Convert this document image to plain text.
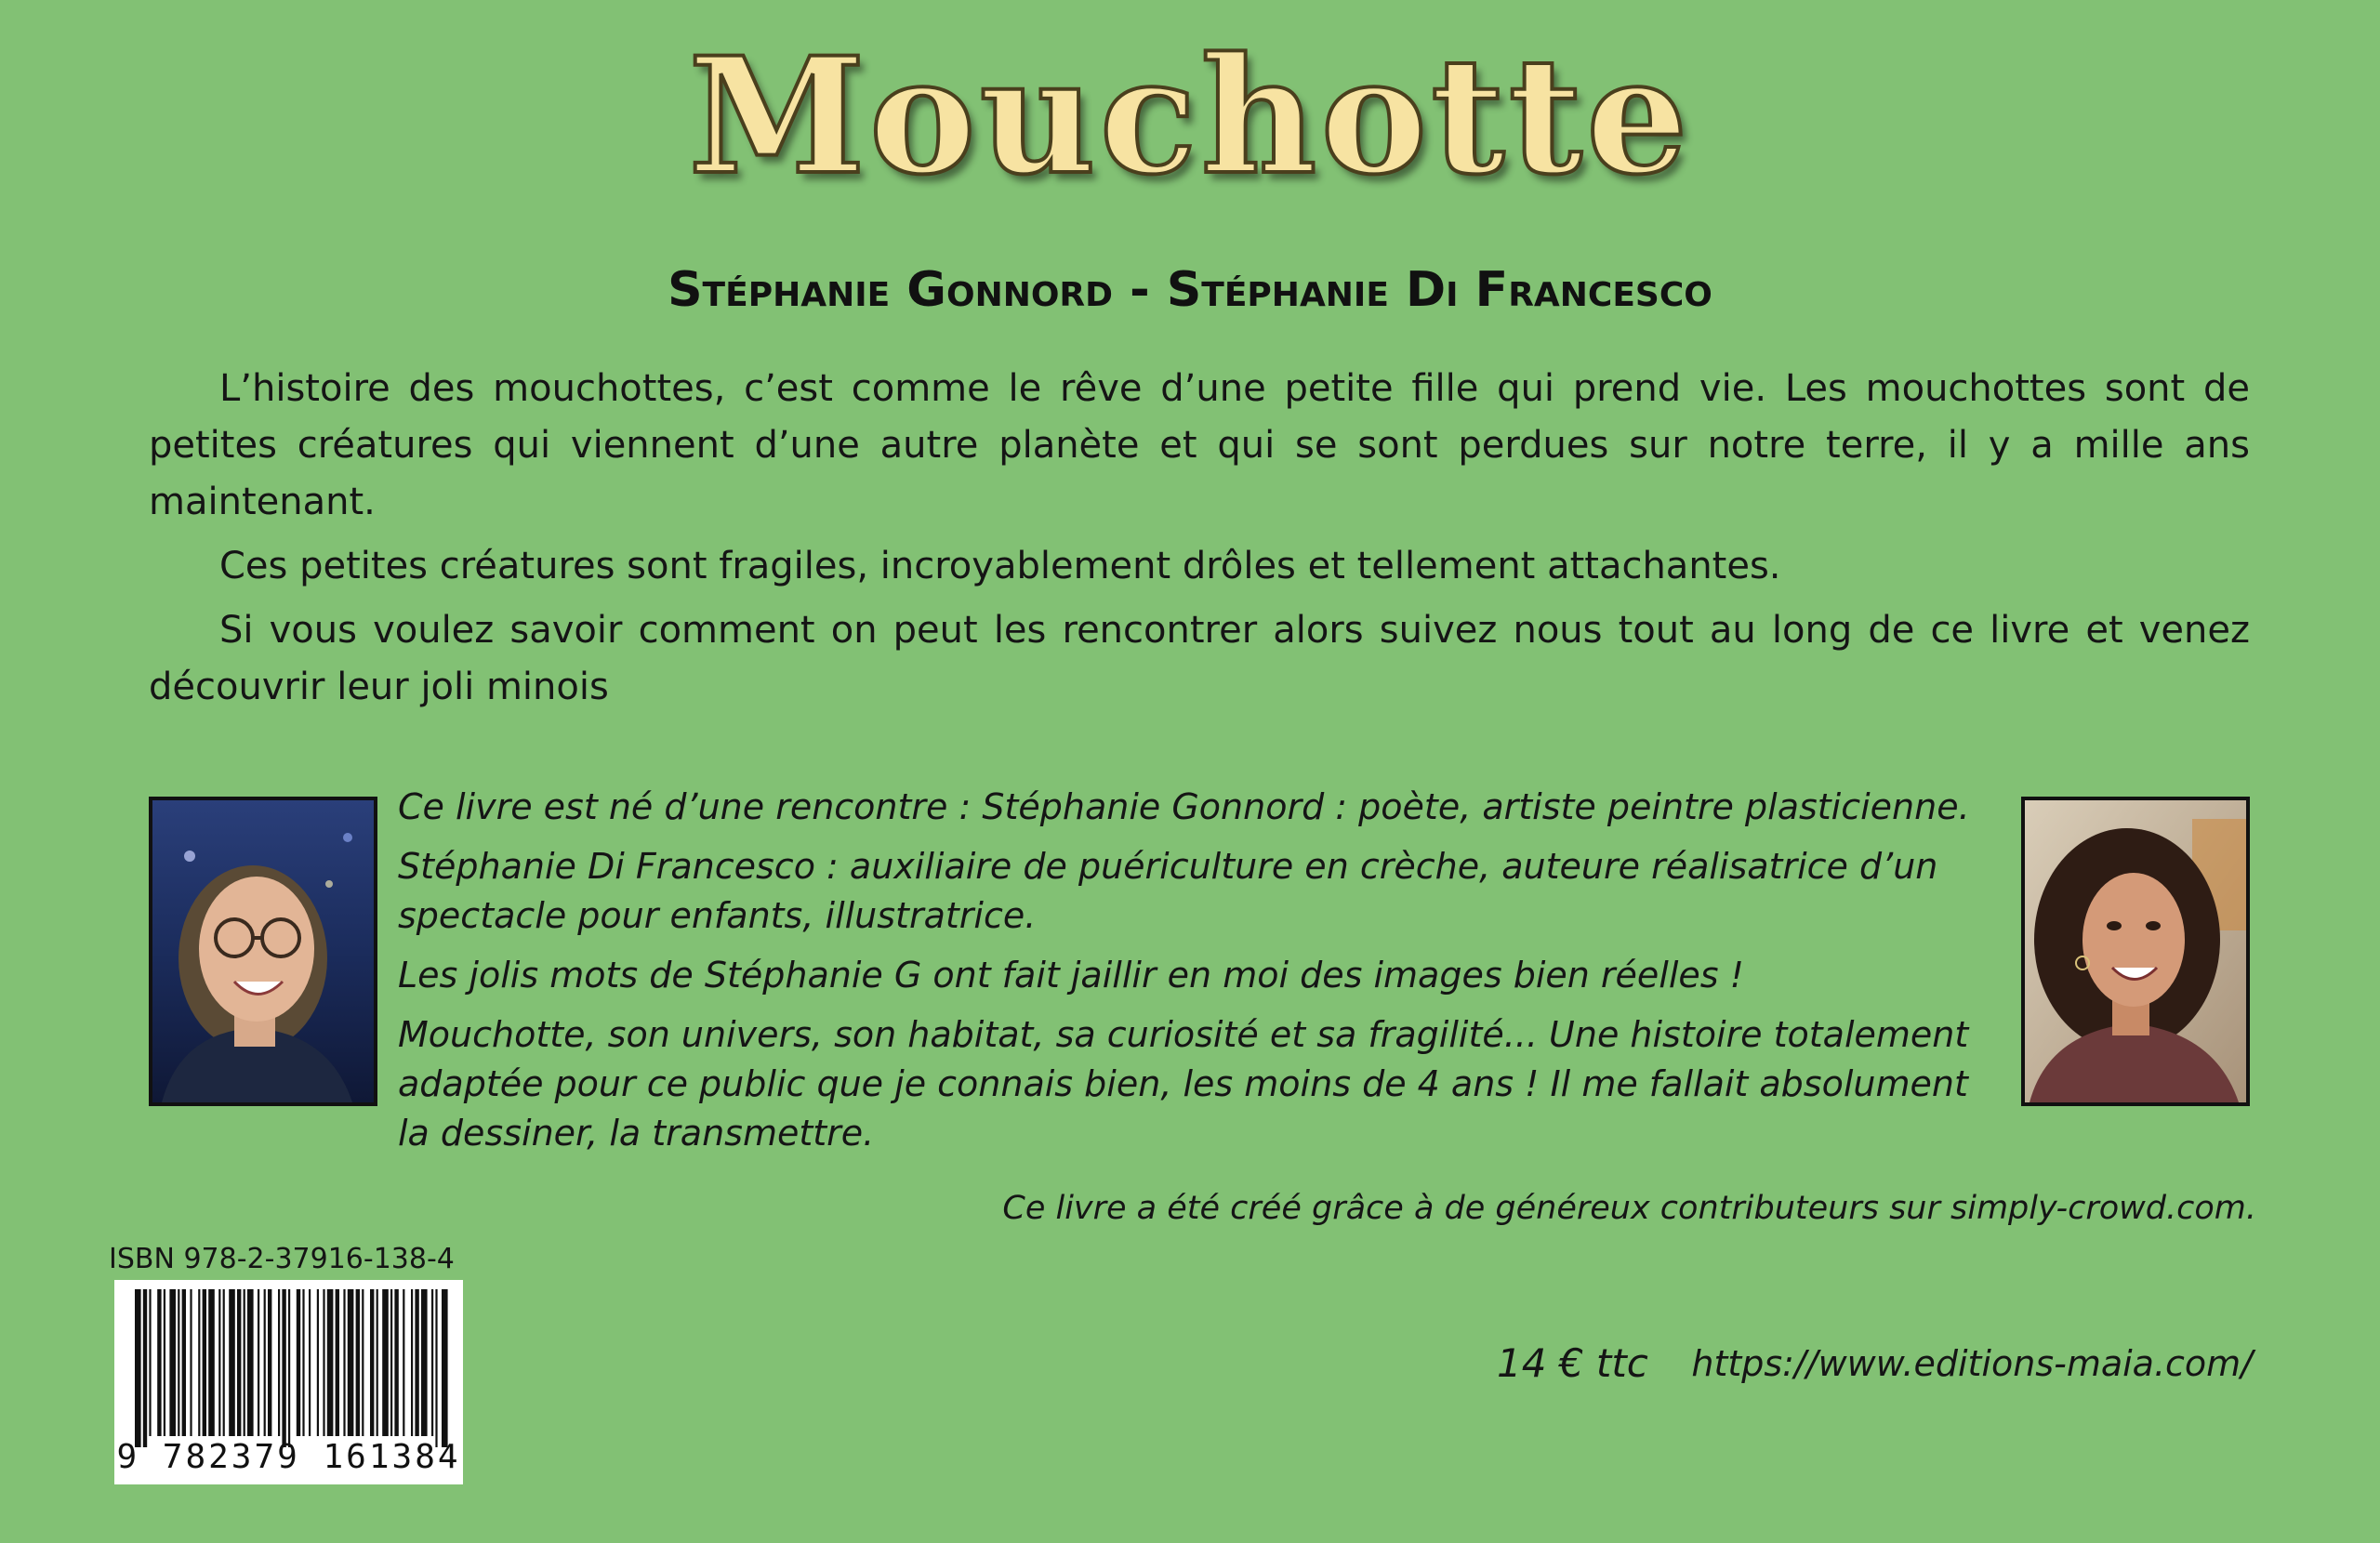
Mouchotte
Stéphanie Gonnord - Stéphanie Di Francesco

L’histoire des mouchottes, c’est comme le rêve d’une petite fille qui prend vie. Les mouchottes sont de petites créatures qui viennent d’une autre planète et qui se sont perdues sur notre terre, il y a mille ans maintenant.

Ces petites créatures sont fragiles, incroyablement drôles et tellement attachantes.

Si vous voulez savoir comment on peut les rencontrer alors suivez nous tout au long de ce livre et venez découvrir leur joli minois

Ce livre est né d’une rencontre : Stéphanie Gonnord : poète, artiste peintre plasticienne.

Stéphanie Di Francesco : auxiliaire de puériculture en crèche, auteure réalisatrice d’un spectacle pour enfants, illustratrice.

Les jolis mots de Stéphanie G ont fait jaillir en moi des images bien réelles !

Mouchotte, son univers, son habitat, sa curiosité et sa fragilité... Une histoire totalement adaptée pour ce public que je connais bien, les moins de 4 ans ! Il me fallait absolument la dessiner, la transmettre.

Ce livre a été créé grâce à de généreux contributeurs sur simply-crowd.com.
ISBN 978-2-37916-138-4
9 782379 161384
14 € ttc https://www.editions-maia.com/
